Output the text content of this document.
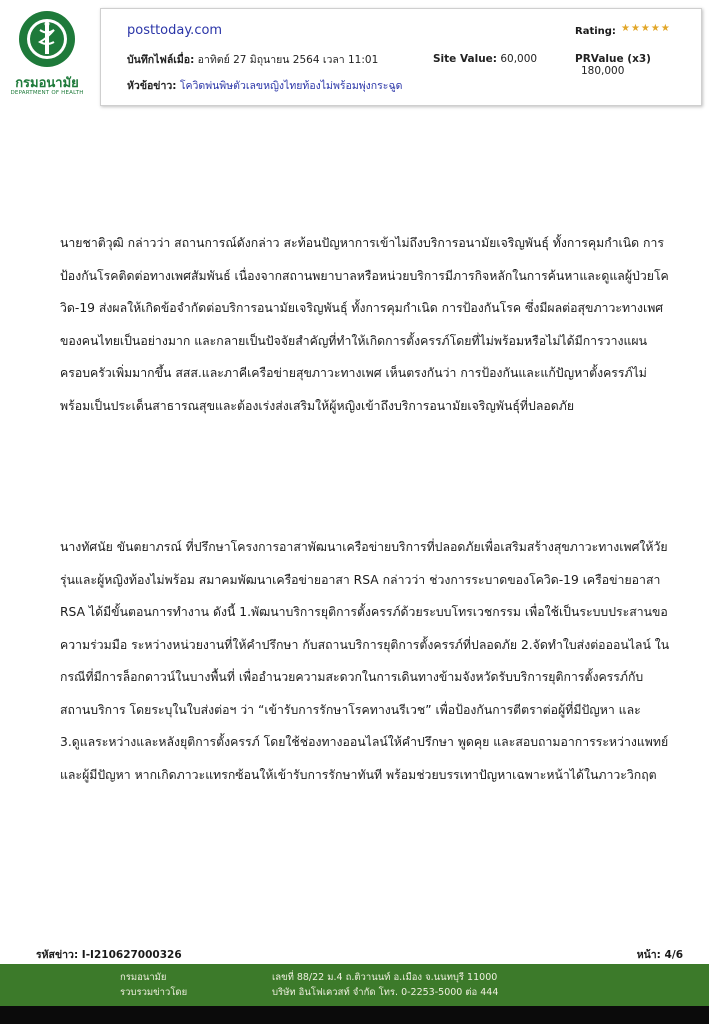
กรมอนามัย
DEPARTMENT OF HEALTH
posttoday.com
บันทึกไฟล์เมื่อ: อาทิตย์ 27 มิถุนายน 2564 เวลา 11:01
หัวข้อข่าว: โควิดพ่นพิษตัวเลขหญิงไทยท้องไม่พร้อมพุ่งกระฉูด
Rating: ★★★★★
Site Value: 60,000	PRValue (x3) 180,000
นายชาติวุฒิ กล่าวว่า สถานการณ์ดังกล่าว สะท้อนปัญหาการเข้าไม่ถึงบริการอนามัยเจริญพันธุ์ ทั้งการคุมกำเนิด การป้องกันโรคติดต่อทางเพศสัมพันธ์ เนื่องจากสถานพยาบาลหรือหน่วยบริการมีภารกิจหลักในการค้นหาและดูแลผู้ป่วยโควิด-19 ส่งผลให้เกิดข้อจำกัดต่อบริการอนามัยเจริญพันธุ์ ทั้งการคุมกำเนิด การป้องกันโรค ซึ่งมีผลต่อสุขภาวะทางเพศของคนไทยเป็นอย่างมาก และกลายเป็นปัจจัยสำคัญที่ทำให้เกิดการตั้งครรภ์โดยที่ไม่พร้อมหรือไม่ได้มีการวางแผนครอบครัวเพิ่มมากขึ้น สสส.และภาคีเครือข่ายสุขภาวะทางเพศ เห็นตรงกันว่า การป้องกันและแก้ปัญหาตั้งครรภ์ไม่พร้อมเป็นประเด็นสาธารณสุขและต้องเร่งส่งเสริมให้ผู้หญิงเข้าถึงบริการอนามัยเจริญพันธุ์ที่ปลอดภัย
นางทัศนัย ขันตยาภรณ์ ที่ปรึกษาโครงการอาสาพัฒนาเครือข่ายบริการที่ปลอดภัยเพื่อเสริมสร้างสุขภาวะทางเพศให้วัยรุ่นและผู้หญิงท้องไม่พร้อม สมาคมพัฒนาเครือข่ายอาสา RSA กล่าวว่า ช่วงการระบาดของโควิด-19 เครือข่ายอาสา RSA ได้มีขั้นตอนการทำงาน ดังนี้ 1.พัฒนาบริการยุติการตั้งครรภ์ด้วยระบบโทรเวชกรรม เพื่อใช้เป็นระบบประสานขอความร่วมมือ ระหว่างหน่วยงานที่ให้คำปรึกษา กับสถานบริการยุติการตั้งครรภ์ที่ปลอดภัย 2.จัดทำใบส่งต่อออนไลน์ ในกรณีที่มีการล็อกดาวน์ในบางพื้นที่ เพื่ออำนวยความสะดวกในการเดินทางข้ามจังหวัดรับบริการยุติการตั้งครรภ์กับสถานบริการ โดยระบุในใบส่งต่อฯ ว่า “เข้ารับการรักษาโรคทางนรีเวช” เพื่อป้องกันการตีตราต่อผู้ที่มีปัญหา และ 3.ดูแลระหว่างและหลังยุติการตั้งครรภ์ โดยใช้ช่องทางออนไลน์ให้คำปรึกษา พูดคุย และสอบถามอาการระหว่างแพทย์และผู้มีปัญหา หากเกิดภาวะแทรกซ้อนให้เข้ารับการรักษาทันที พร้อมช่วยบรรเทาปัญหาเฉพาะหน้าได้ในภาวะวิกฤต
รหัสข่าว: I-I210627000326	หน้า: 4/6
กรมอนามัย
รวบรวมข่าวโดย
เลขที่ 88/22 ม.4 ถ.ติวานนท์ อ.เมือง จ.นนทบุรี 11000
บริษัท อินโฟเควสท์ จำกัด โทร. 0-2253-5000 ต่อ 444
